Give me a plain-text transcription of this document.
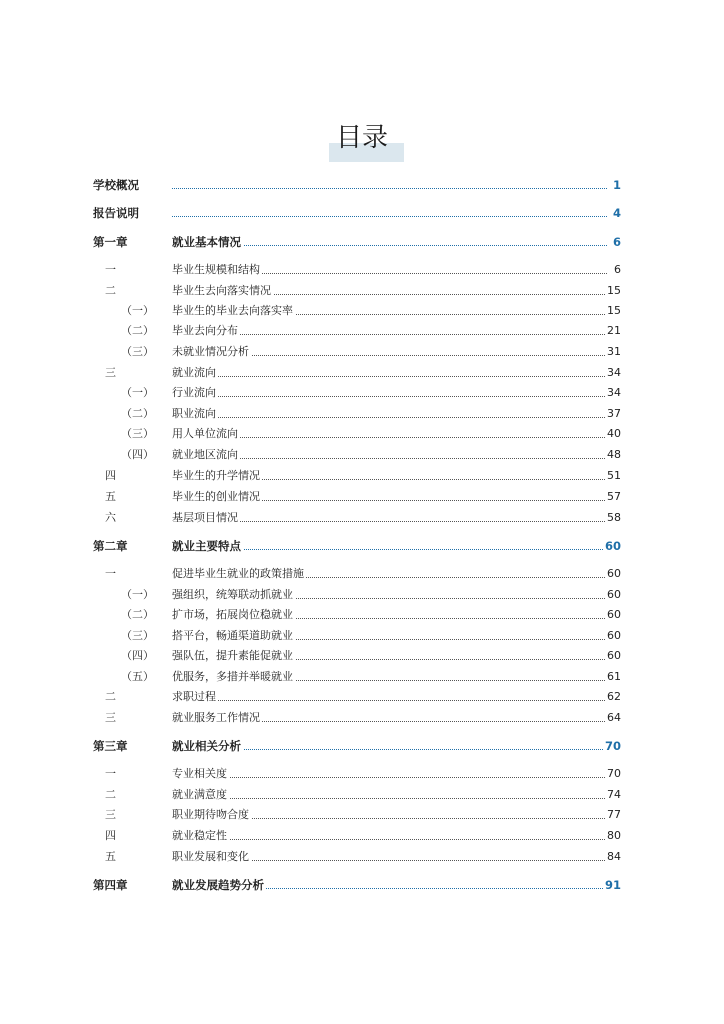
目录
学校概况	1
报告说明	4
第一章	就业基本情况	6
一	毕业生规模和结构	6
二	毕业生去向落实情况	15
（一） 毕业生的毕业去向落实率	15
（二） 毕业去向分布	21
（三） 未就业情况分析	31
三	就业流向	34
（一） 行业流向	34
（二） 职业流向	37
（三） 用人单位流向	40
（四） 就业地区流向	48
四	毕业生的升学情况	51
五	毕业生的创业情况	57
六	基层项目情况	58
第二章	就业主要特点	60
一	促进毕业生就业的政策措施	60
（一） 强组织，统筹联动抓就业	60
（二） 扩市场，拓展岗位稳就业	60
（三） 搭平台，畅通渠道助就业	60
（四） 强队伍，提升素能促就业	60
（五） 优服务，多措并举暖就业	61
二	求职过程	62
三	就业服务工作情况	64
第三章	就业相关分析	70
一	专业相关度	70
二	就业满意度	74
三	职业期待吻合度	77
四	就业稳定性	80
五	职业发展和变化	84
第四章	就业发展趋势分析	91
